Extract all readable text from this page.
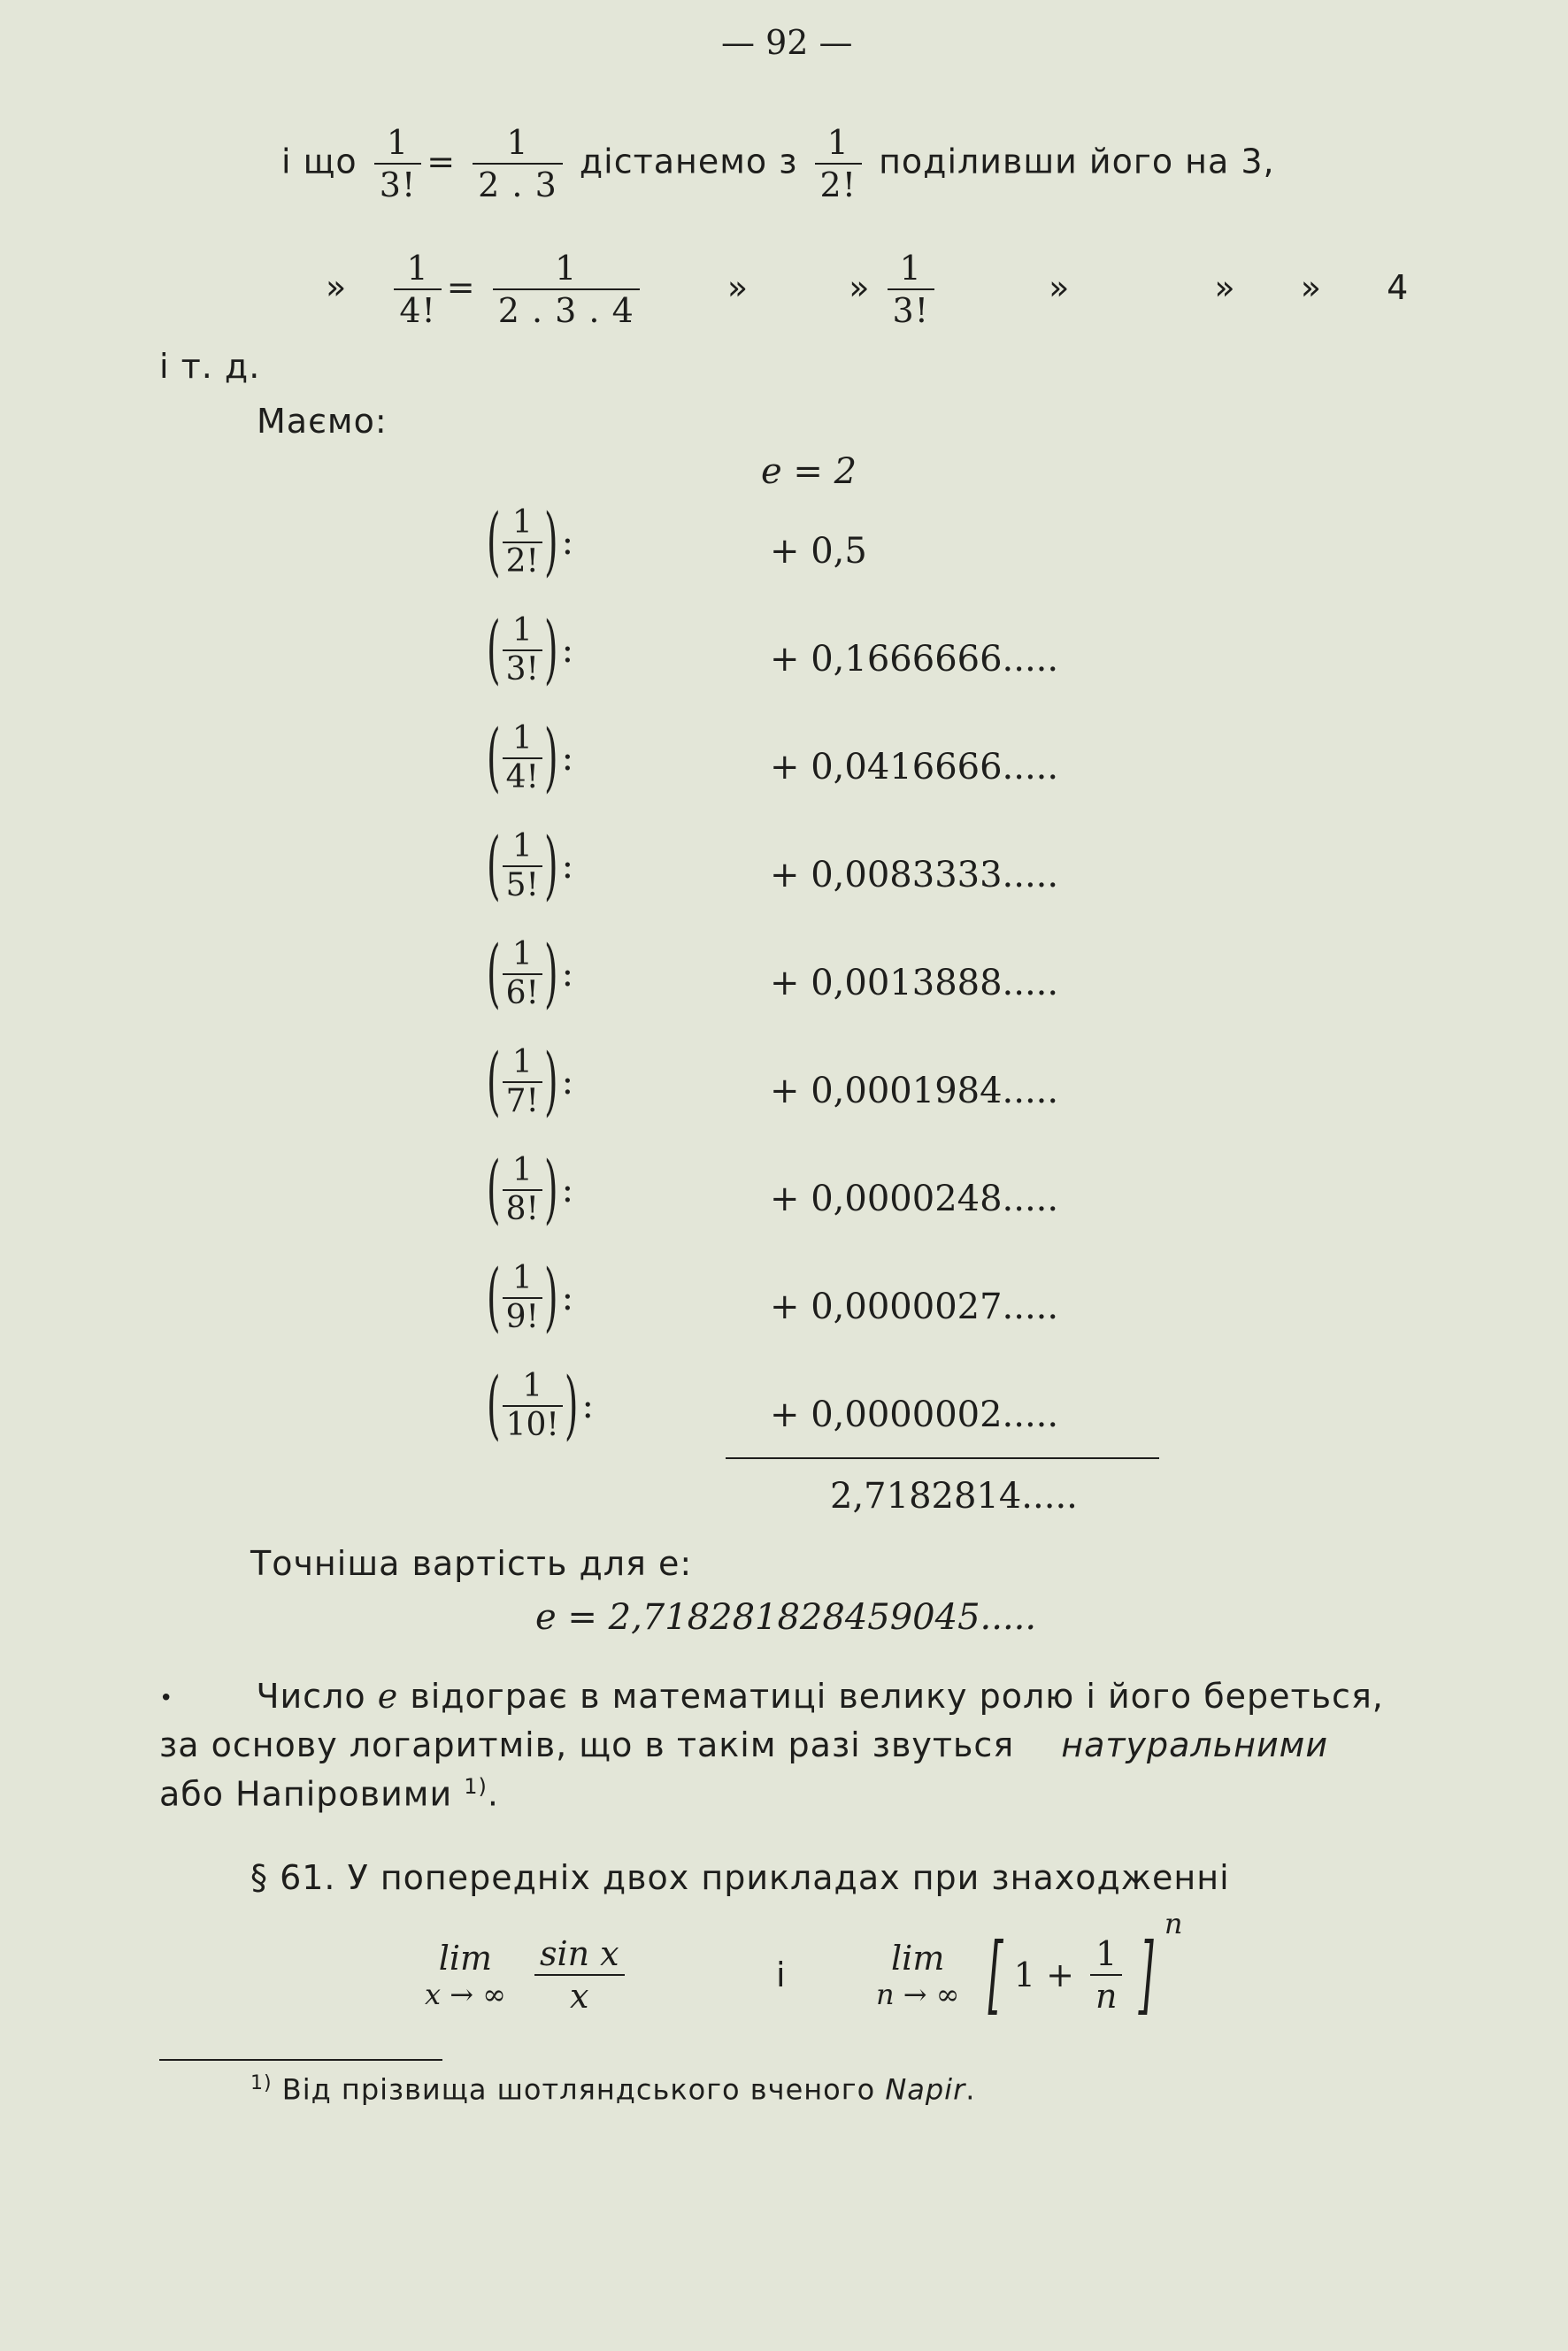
— 92 —
і що $\frac{1}{3!} = \frac{1}{2 . 3}$ дістанемо з $\frac{1}{2!}$ поділивши його на 3,
» $\frac{1}{4!} = \frac{1}{2 . 3 . 4}$	»	» $\frac{1}{3!}$	»	» » 4
і т. д.
Маємо:
e = 2
( $\frac{1}{2!}$ ) :	+ 0,5
( $\frac{1}{3!}$ ) :	+ 0,1666666.....
( $\frac{1}{4!}$ ) :	+ 0,0416666.....
( $\frac{1}{5!}$ ) :	+ 0,0083333.....
( $\frac{1}{6!}$ ) :	+ 0,0013888.....
( $\frac{1}{7!}$ ) :	+ 0,0001984.....
( $\frac{1}{8!}$ ) :	+ 0,0000248.....
( $\frac{1}{9!}$ ) :	+ 0,0000027.....
( $\frac{1}{10!}$ ) :	+ 0,0000002.....
2,7182814.....
Точніша вартість для e:
e = 2,718281828459045.....
• Число e відограє в математиці велику ролю і його береться,
за основу логаритмів, що в такім разі звуться натуральними
або Напіровими $^{1)}$.
§ 61. У попередніх двох прикладах при знаходженні
lim
x → ∞
$\frac{\text{sin x}}{x}$	і	lim
n → ∞ [ $1 + \frac{1}{n}$ ] $^n$
$^{1)}$ Від прізвища шотляндського вченого Napir.
